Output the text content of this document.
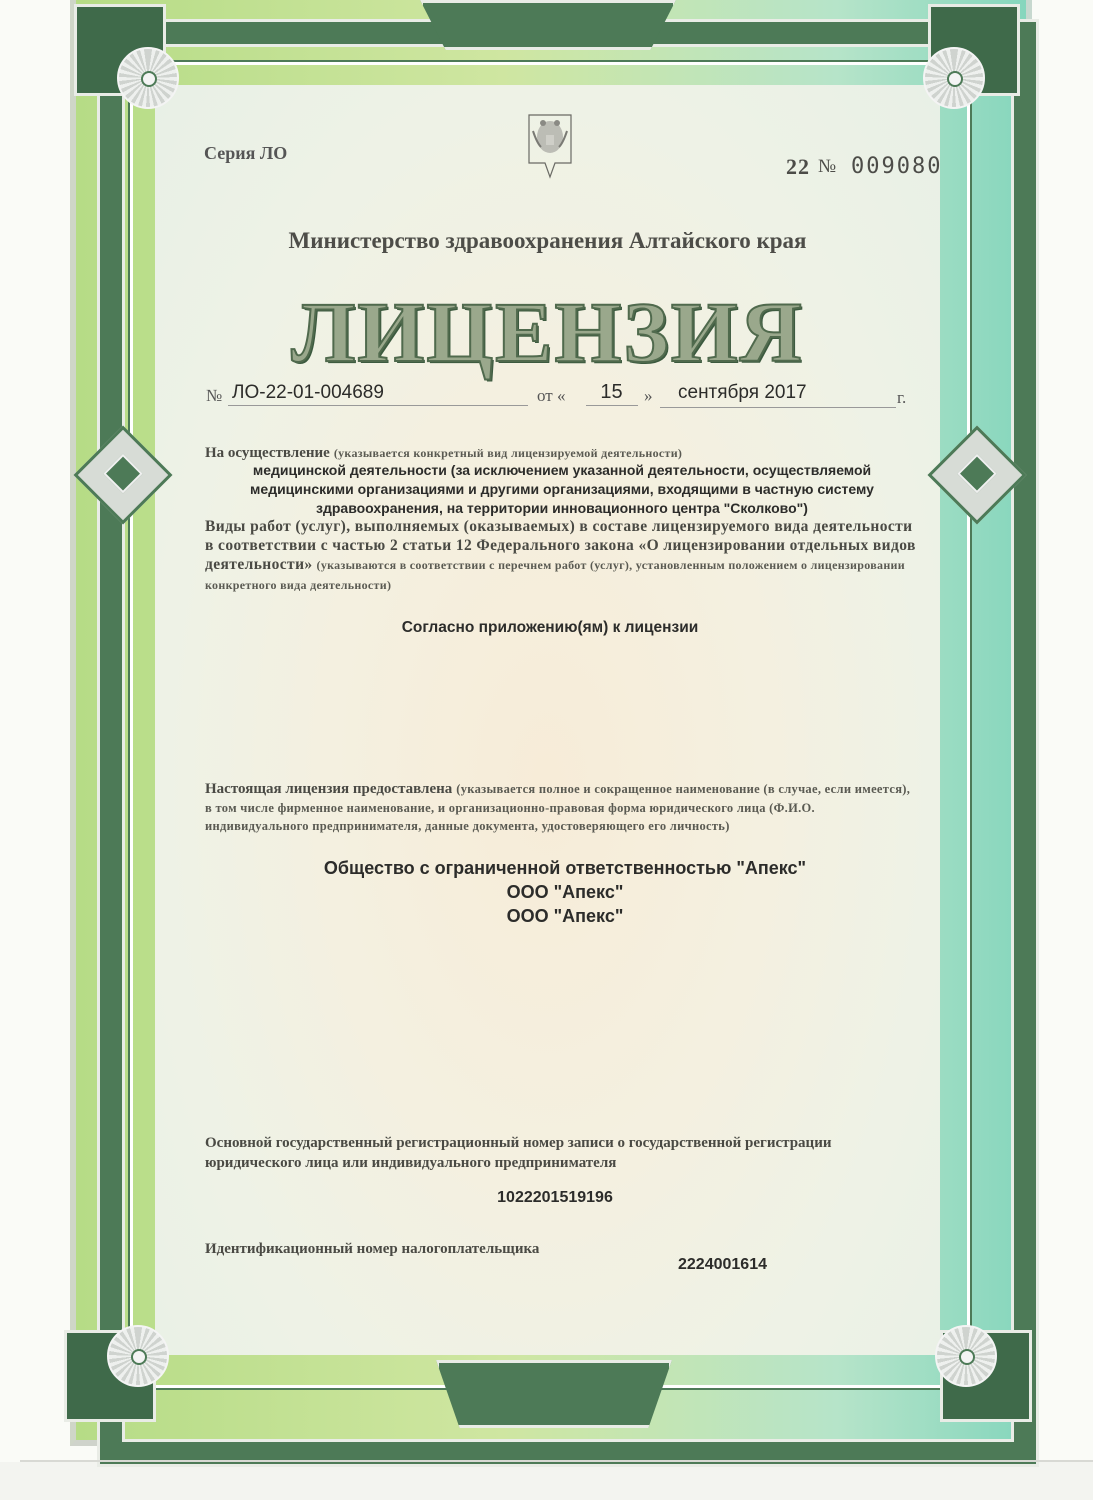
Серия ЛО
22 № 009080
Министерство здравоохранения Алтайского края
ЛИЦЕНЗИЯ
№ ЛО-22-01-004689	от «	15	»	сентября 2017	г.
На осуществление (указывается конкретный вид лицензируемой деятельности)
медицинской деятельности (за исключением указанной деятельности, осуществляемой медицинскими организациями и другими организациями, входящими в частную систему здравоохранения, на территории инновационного центра "Сколково")
Виды работ (услуг), выполняемых (оказываемых) в составе лицензируемого вида деятельности в соответствии с частью 2 статьи 12 Федерального закона «О лицензировании отдельных видов деятельности» (указываются в соответствии с перечнем работ (услуг), установленным положением о лицензировании конкретного вида деятельности)
Согласно приложению(ям) к лицензии
Настоящая лицензия предоставлена (указывается полное и сокращенное наименование (в случае, если имеется), в том числе фирменное наименование, и организационно-правовая форма юридического лица (Ф.И.О. индивидуального предпринимателя, данные документа, удостоверяющего его личность)
Общество с ограниченной ответственностью "Апекс"
ООО "Апекс"
ООО "Апекс"
Основной государственный регистрационный номер записи о государственной регистрации юридического лица или индивидуального предпринимателя
1022201519196
Идентификационный номер налогоплательщика
2224001614
